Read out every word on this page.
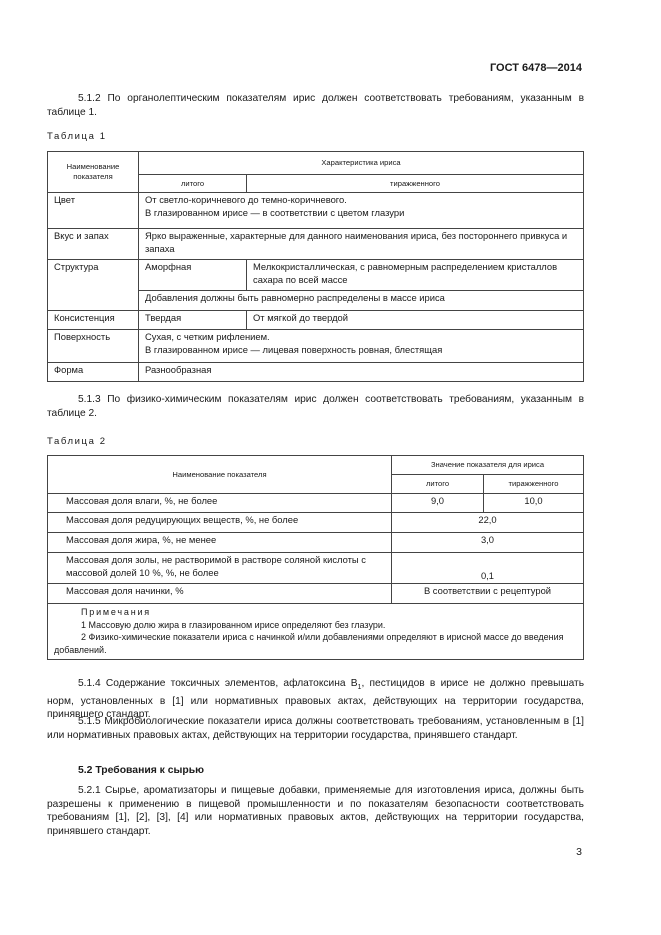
ГОСТ 6478—2014
5.1.2 По органолептическим показателям ирис должен соответствовать требованиям, указанным в таблице 1.
Таблица 1
Наименование показателя	Характеристика ириса	
	литого	тиражженного
Цвет	От светло-коричневого до темно-коричневого.
В глазированном ирисе — в соответствии с цветом глазури	

Вкус и запах	Ярко выраженные, характерные для данного наименования ириса, без постороннего привкуса и запаха	
Структура	Аморфная	Мелкокристаллическая, с равномерным распределением кристаллов сахара по всей массе
	Добавления должны быть равномерно распределены в массе ириса	
Консистенция	Твердая	От мягкой до твердой
Поверхность	Сухая, с четким рифлением.
В глазированном ирисе — лицевая поверхность ровная, блестящая	

Форма	Разнообразная	
5.1.3 По физико-химическим показателям ирис должен соответствовать требованиям, указанным в таблице 2.
Таблица 2
Наименование показателя	Значение показателя для ириса	
	литого	тиражженного
Массовая доля влаги, %, не более	9,0	10,0
Массовая доля редуцирующих веществ, %, не более	22,0	
Массовая доля жира, %, не менее	3,0	
Массовая доля золы, не растворимой в растворе соляной кислоты с массовой долей 10 %, %, не более	0,1	
Массовая доля начинки, %	В соответствии с рецептурой	

Примечания
1 Массовую долю жира в глазированном ирисе определяют без глазури.
2 Физико-химические показатели ириса с начинкой и/или добавлениями определяют в ирисной массе до введения добавлений.		
5.1.4 Содержание токсичных элементов, афлатоксина $B_1$, пестицидов в ирисе не должно превышать норм, установленных в [1] или нормативных правовых актах, действующих на территории государства, принявшего стандарт.
5.1.5 Микробиологические показатели ириса должны соответствовать требованиям, установленным в [1] или нормативных правовых актах, действующих на территории государства, принявшего стандарт.
5.2 Требования к сырью
5.2.1 Сырье, ароматизаторы и пищевые добавки, применяемые для изготовления ириса, должны быть разрешены к применению в пищевой промышленности и по показателям безопасности соответствовать требованиям [1], [2], [3], [4] или нормативных правовых актов, действующих на территории государства, принявшего стандарт.
3
